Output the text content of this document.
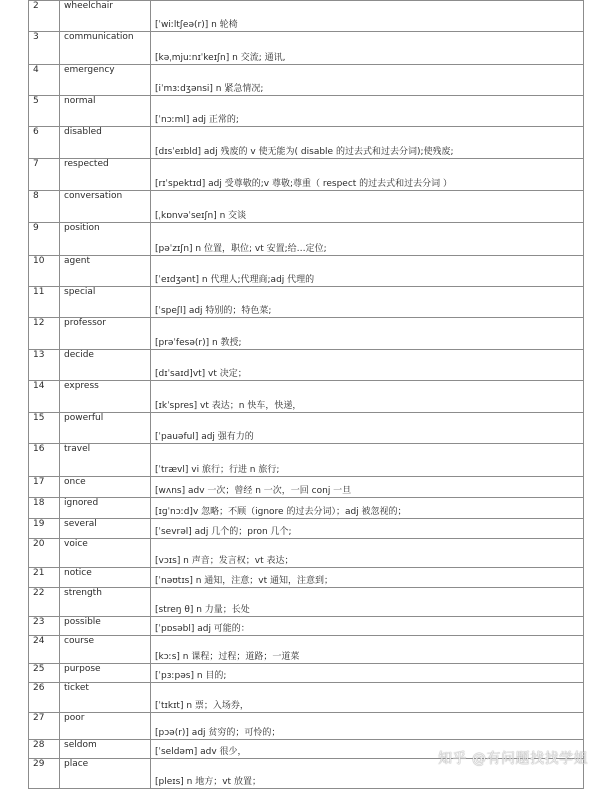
2	wheelchair	[ˈwiːltʃeə(r)] n 轮椅
3	communication	[kəˌmjuːnɪˈkeɪʃn] n 交流; 通讯,
4	emergency	[iˈmɜːdʒənsi] n 紧急情况;
5	normal	[ˈnɔːml] adj 正常的;
6	disabled	[dɪsˈeɪbld] adj 残废的 v 使无能为( disable 的过去式和过去分词);使残废;
7	respected	[rɪˈspektɪd] adj 受尊敬的;v 尊敬;尊重（ respect 的过去式和过去分词 ）
8	conversation	[ˌkɒnvəˈseɪʃn] n 交谈
9	position	[pəˈzɪʃn] n 位置，职位; vt 安置;给…定位;
10	agent	[ˈeɪdʒənt] n 代理人;代理商;adj 代理的
11	special	[ˈspeʃl] adj 特别的；特色菜;
12	professor	[prəˈfesə(r)] n 教授;
13	decide	[dɪˈsaɪd]vt] vt 决定；
14	express	[ɪkˈspres] vt 表达；n 快车，快递，
15	powerful	[ˈpauəful] adj 强有力的
16	travel	[ˈtrævl] vi 旅行；行进 n 旅行;
17	once	[wʌns] adv 一次；曾经 n 一次，一回 conj 一旦
18	ignored	[ɪɡˈnɔːd]v 忽略；不顾（ignore 的过去分词）；adj 被忽视的；
19	several	[ˈsevrəl] adj 几个的；pron 几个;
20	voice	[vɔɪs] n 声音；发言权；vt 表达；
21	notice	[ˈnəʊtɪs] n 通知，注意；vt 通知，注意到；
22	strength	[streŋ θ] n 力量；长处
23	possible	[ˈpɒsəbl] adj 可能的：
24	course	[kɔːs] n 课程；过程；道路；一道菜
25	purpose	[ˈpɜːpəs] n 目的;
26	ticket	[ˈtɪkɪt] n 票；入场券，
27	poor	[pɔə(r)] adj 贫穷的；可怜的；
28	seldom	[ˈseldəm] adv 很少，
29	place	[pleɪs] n 地方；vt 放置；
知乎 @有问题找找学姐
